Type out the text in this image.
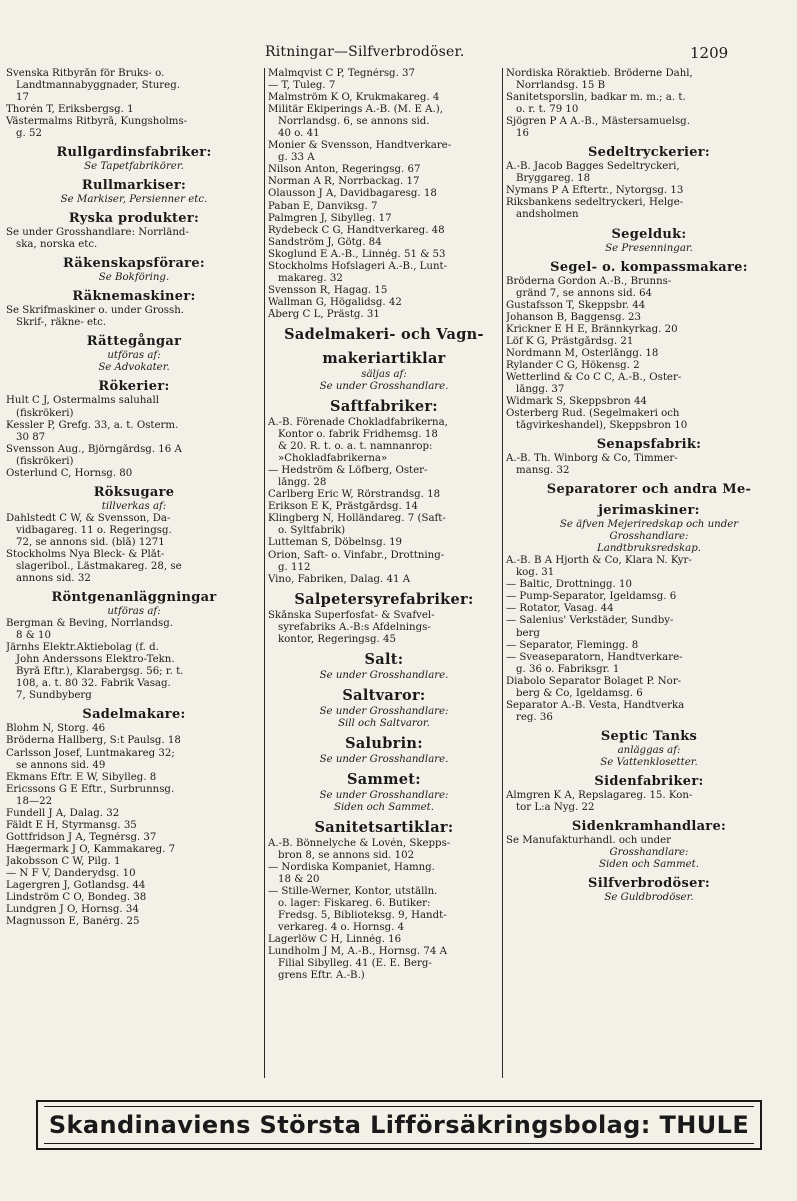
Ritningar—Silfverbrodöser.	1209
Svenska Ritbyrån för Bruks- o.
Landtmannabyggnader, Stureg.
17
Thorén T, Eriksbergsg. 1
Västermalms Ritbyrå, Kungsholms-
g. 52
Rullgardinsfabriker:
Se Tapetfabrikörer.
Rullmarkiser:
Se Markiser, Persienner etc.
Ryska produkter:
Se under Grosshandlare: Norrländ-
ska, norska etc.
Räkenskapsförare:
Se Bokföring.
Räknemaskiner:
Se Skrifmaskiner o. under Grossh.
Skrif-, räkne- etc.
Rättegångar
utföras af:
Se Advokater.
Rökerier:
Hult C J, Östermalms saluhall
(fiskrökeri)
Kessler P, Grefg. 33, a. t. Österm.
30 87
Svensson Aug., Björngårdsg. 16 A
(fiskrökeri)
Österlund C, Hornsg. 80
Röksugare
tillverkas af:
Dahlstedt C W, & Svensson, Da-
vidbagareg. 11 o. Regeringsg.
72, se annons sid. (blå) 1271
Stockholms Nya Bleck- & Plåt-
slageribol., Lästmakareg. 28, se
annons sid. 32
Röntgenanläggningar
utföras af:
Bergman & Beving, Norrlandsg.
8 & 10
Järnhs Elektr.Aktiebolag (f. d.
John Anderssons Elektro-Tekn.
Byrå Eftr.), Klarabergsg. 56; r. t.
108, a. t. 80 32. Fabrik Vasag.
7, Sundbyberg
Sadelmakare:
Blohm N, Storg. 46
Bröderna Hallberg, S:t Paulsg. 18
Carlsson Josef, Luntmakareg 32;
se annons sid. 49
Ekmans Eftr. E W, Sibylleg. 8
Ericssons G E Eftr., Surbrunnsg.
18—22
Fundell J A, Dalag. 32
Fäldt E H, Styrmansg. 35
Gottfridson J A, Tegnérsg. 37
Hægermark J O, Kammakareg. 7
Jakobsson C W, Pilg. 1
— N F V, Danderydsg. 10
Lagergren J, Gotlandsg. 44
Lindström C O, Bondeg. 38
Lundgren J O, Hornsg. 34
Magnusson E, Banérg. 25
Malmqvist C P, Tegnérsg. 37
— T, Tuleg. 7
Malmström K O, Krukmakareg. 4
Militär Ekiperings A.-B. (M. E A.),
Norrlandsg. 6, se annons sid.
40 o. 41
Monier & Svensson, Handtverkare-
g. 33 A
Nilson Anton, Regeringsg. 67
Norman A R, Norrbackag. 17
Olausson J A, Davidbagaresg. 18
Paban E, Danviksg. 7
Palmgren J, Sibylleg. 17
Rydebeck C G, Handtverkareg. 48
Sandström J, Götg. 84
Skoglund E A.-B., Linnég. 51 & 53
Stockholms Hofslageri A.-B., Lunt-
makareg. 32
Svensson R, Hagag. 15
Wallman G, Högalidsg. 42
Åberg C L, Prästg. 31
Sadelmakeri- och Vagn-
makeriartiklar
säljas af:
Se under Grosshandlare.
Saftfabriker:
A.-B. Förenade Chokladfabrikerna,
Kontor o. fabrik Fridhemsg. 18
& 20. R. t. o. a. t. namnanrop:
»Chokladfabrikerna»
— Hedström & Löfberg, Öster-
långg. 28
Carlberg Eric W, Rörstrandsg. 18
Erikson E K, Prästgårdsg. 14
Klingberg N, Holländareg. 7 (Saft-
o. Syltfabrik)
Lutteman S, Döbelnsg. 19
Orion, Saft- o. Vinfabr., Drottning-
g. 112
Vino, Fabriken, Dalag. 41 A
Salpetersyrefabriker:
Skånska Superfosfat- & Svafvel-
syrefabriks A.-B:s Afdelnings-
kontor, Regeringsg. 45
Salt:
Se under Grosshandlare.
Saltvaror:
Se under Grosshandlare:
Sill och Saltvaror.
Salubrin:
Se under Grosshandlare.
Sammet:
Se under Grosshandlare:
Siden och Sammet.
Sanitetsartiklar:
A.-B. Bönnelyche & Lovén, Skepps-
bron 8, se annons sid. 102
— Nordiska Kompaniet, Hamng.
18 & 20
— Stille-Werner, Kontor, utställn.
o. lager: Fiskareg. 6. Butiker:
Fredsg. 5, Biblioteksg. 9, Handt-
verkareg. 4 o. Hornsg. 4
Lagerlöw C H, Linnég. 16
Lundholm J M, A.-B., Hornsg. 74 A
Filial Sibylleg. 41 (E. E. Berg-
grens Eftr. A.-B.)
Nordiska Röraktieb. Bröderne Dahl,
Norrlandsg. 15 B
Sanitetsporslin, badkar m. m.; a. t.
o. r. t. 79 10
Sjögren P A A.-B., Mästersamuelsg.
16
Sedeltryckerier:
A.-B. Jacob Bagges Sedeltryckeri,
Bryggareg. 18
Nymans P A Eftertr., Nytorgsg. 13
Riksbankens sedeltryckeri, Helge-
andsholmen
Segelduk:
Se Presenningar.
Segel- o. kompassmakare:
Bröderna Gordon A.-B., Brunns-
gränd 7, se annons sid. 64
Gustafsson T, Skeppsbr. 44
Johanson B, Baggensg. 23
Krickner E H E, Brännkyrkag. 20
Löf K G, Prästgårdsg. 21
Nordmann M, Österlångg. 18
Rylander C G, Hökensg. 2
Wetterlind & Co C C, A.-B., Öster-
långg. 37
Widmark S, Skeppsbron 44
Österberg Rud. (Segelmakeri och
tågvirkeshandel), Skeppsbron 10
Senapsfabrik:
A.-B. Th. Winborg & Co, Timmer-
mansg. 32
Separatorer och andra Me-
jerimaskiner:
Se äfven Mejeriredskap och under
Grosshandlare:
Landtbruksredskap.
A.-B. B A Hjorth & Co, Klara N. Kyr-
kog. 31
— Baltic, Drottningg. 10
— Pump-Separator, Igeldamsg. 6
— Rotator, Vasag. 44
— Salenius' Verkstäder, Sundby-
berg
— Separator, Flemingg. 8
— Sveaseparatorn, Handtverkare-
g. 36 o. Fabriksgr. 1
Diabolo Separator Bolaget P. Nor-
berg & Co, Igeldamsg. 6
Separator A.-B. Vesta, Handtverka
reg. 36
Septic Tanks
anläggas af:
Se Vattenklosetter.
Sidenfabriker:
Almgren K A, Repslagareg. 15. Kon-
tor L:a Nyg. 22
Sidenkramhandlare:
Se Manufakturhandl. och under
Grosshandlare:
Siden och Sammet.
Silfverbrodöser:
Se Guldbrodöser.
Skandinaviens Största Lifförsäkringsbolag: THULE
